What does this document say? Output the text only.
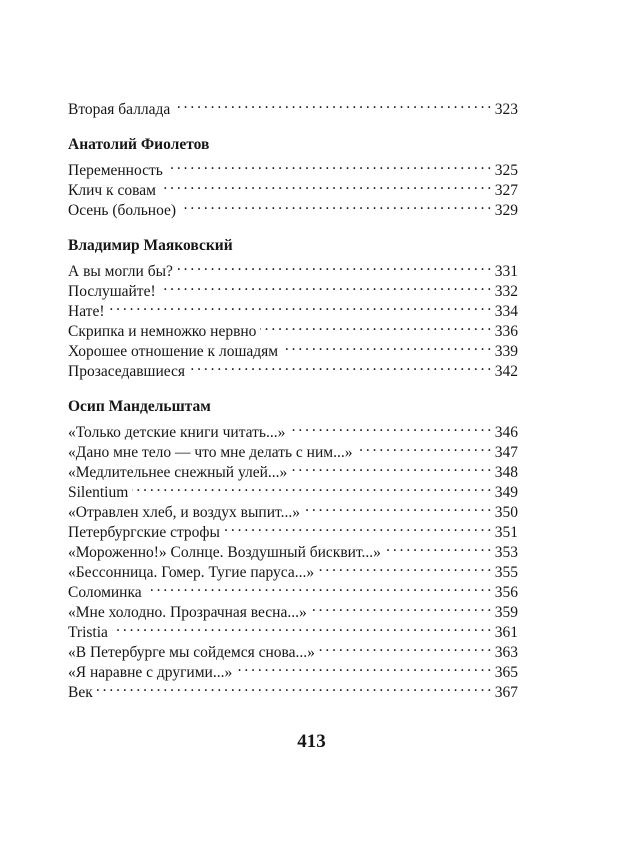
Вторая баллада . . .	323
Анатолий Фиолетов
Переменность . . .	325
Клич к совам . . .	327
Осень (больное) . . .	329
Владимир Маяковский
А вы могли бы? . . .	331
Послушайте! . . .	332
Нате! . . .	334
Скрипка и немножко нервно . . .	336
Хорошее отношение к лошадям . . .	339
Прозаседавшиеся . . .	342
Осип Мандельштам
«Только детские книги читать...» . . .	346
«Дано мне тело — что мне делать с ним...» . . .	347
«Медлительнее снежный улей...» . . .	348
Silentium . . .	349
«Отравлен хлеб, и воздух выпит...» . . .	350
Петербургские строфы . . .	351
«Мороженно!» Солнце. Воздушный бисквит...» . . .	353
«Бессонница. Гомер. Тугие паруса...» . . .	355
Соломинка . . .	356
«Мне холодно. Прозрачная весна...» . . .	359
Tristia . . .	361
«В Петербурге мы сойдемся снова...» . . .	363
«Я наравне с другими...» . . .	365
Век . . .	367
413
